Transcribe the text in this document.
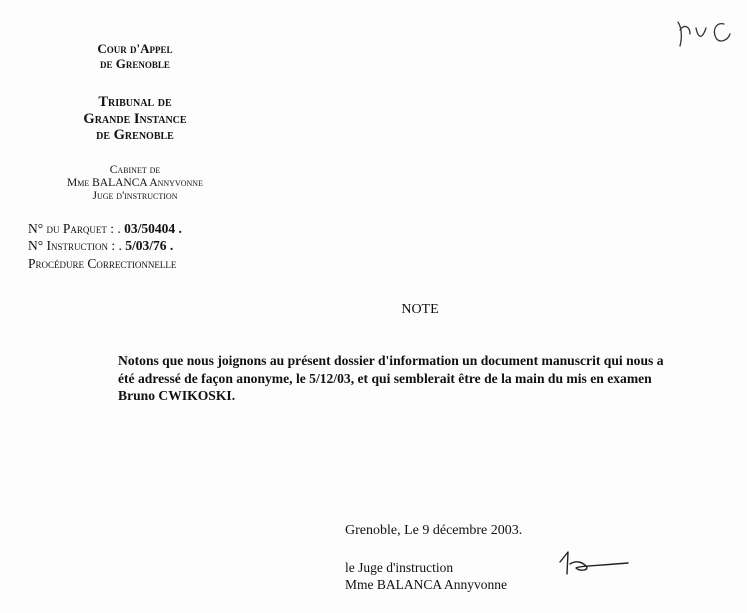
Cour d'Appel
de Grenoble
Tribunal de
Grande Instance
de Grenoble
Cabinet de
Mme BALANCA Annyvonne
Juge d'instruction
N° du Parquet : . 03/50404 .
N° Instruction : . 5/03/76 .
Procédure Correctionnelle
NOTE
Notons que nous joignons au présent dossier d'information un document manuscrit qui nous a
été adressé de façon anonyme, le 5/12/03, et qui semblerait être de la main du mis en examen
Bruno CWIKOSKI.
Grenoble, Le 9 décembre 2003.
le Juge d'instruction
Mme BALANCA Annyvonne
